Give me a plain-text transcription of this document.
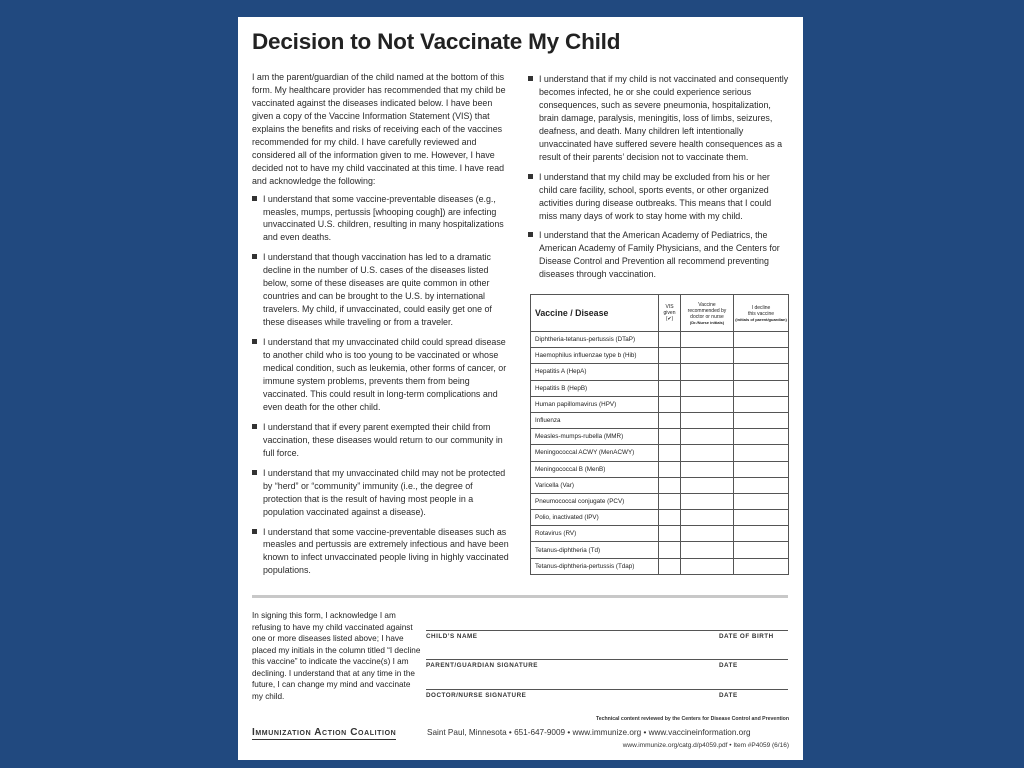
Decision to Not Vaccinate My Child

I am the parent/guardian of the child named at the bottom of this form. My healthcare provider has recommended that my child be vaccinated against the diseases indicated below. I have been given a copy of the Vaccine Information Statement (VIS) that explains the benefits and risks of receiving each of the vaccines recommended for my child. I have carefully reviewed and considered all of the information given to me. However, I have decided not to have my child vaccinated at this time. I have read and acknowledge the following:

I understand that some vaccine-preventable diseases (e.g., measles, mumps, pertussis [whooping cough]) are infecting unvaccinated U.S. children, resulting in many hospitalizations and even deaths.
I understand that though vaccination has led to a dramatic decline in the number of U.S. cases of the diseases listed below, some of these diseases are quite common in other countries and can be brought to the U.S. by international travelers. My child, if unvaccinated, could easily get one of these diseases while traveling or from a traveler.
I understand that my unvaccinated child could spread disease to another child who is too young to be vaccinated or whose medical condition, such as leukemia, other forms of cancer, or immune system problems, prevents them from being vaccinated. This could result in long-term complications and even death for the other child.
I understand that if every parent exempted their child from vaccination, these diseases would return to our community in full force.
I understand that my unvaccinated child may not be protected by “herd” or “community” immunity (i.e., the degree of protection that is the result of having most people in a population vaccinated against a disease).
I understand that some vaccine-preventable diseases such as measles and pertussis are extremely infectious and have been known to infect unvaccinated people living in highly vaccinated populations.
I understand that if my child is not vaccinated and consequently becomes infected, he or she could experience serious consequences, such as severe pneumonia, hospitalization, brain damage, paralysis, meningitis, loss of limbs, seizures, deafness, and death. Many children left intentionally unvaccinated have suffered severe health consequences as a result of their parents’ decision not to vaccinate them.
I understand that my child may be excluded from his or her child care facility, school, sports events, or other organized activities during disease outbreaks. This means that I could miss many days of work to stay home with my child.
I understand that the American Academy of Pediatrics, the American Academy of Family Physicians, and the Centers for Disease Control and Prevention all recommend preventing diseases through vaccination.
Vaccine / Disease	VIS
given
(✔)	Vaccine
recommended by
doctor or nurse
(Dr./Nurse initials)	I decline
this vaccine
(initials of parent/guardian)

Diphtheria-tetanus-pertussis (DTaP)			
Haemophilus influenzae type b (Hib)			
Hepatitis A (HepA)			
Hepatitis B (HepB)			
Human papillomavirus (HPV)			
Influenza			
Measles-mumps-rubella (MMR)			
Meningococcal ACWY (MenACWY)			
Meningococcal B (MenB)			
Varicella (Var)			
Pneumococcal conjugate (PCV)			
Polio, inactivated (IPV)			
Rotavirus (RV)			
Tetanus-diphtheria (Td)			
Tetanus-diphtheria-pertussis (Tdap)			
In signing this form, I acknowledge I am refusing to have my child vaccinated against one or more diseases listed above; I have placed my initials in the column titled “I decline this vaccine” to indicate the vaccine(s) I am declining. I understand that at any time in the future, I can change my mind and vaccinate my child.
CHILD’S NAME	DATE OF BIRTH
PARENT/GUARDIAN SIGNATURE	DATE
DOCTOR/NURSE SIGNATURE	DATE
Technical content reviewed by the Centers for Disease Control and Prevention
Immunization Action Coalition	Saint Paul, Minnesota • 651-647-9009 • www.immunize.org • www.vaccineinformation.org
www.immunize.org/catg.d/p4059.pdf • Item #P4059 (6/16)
